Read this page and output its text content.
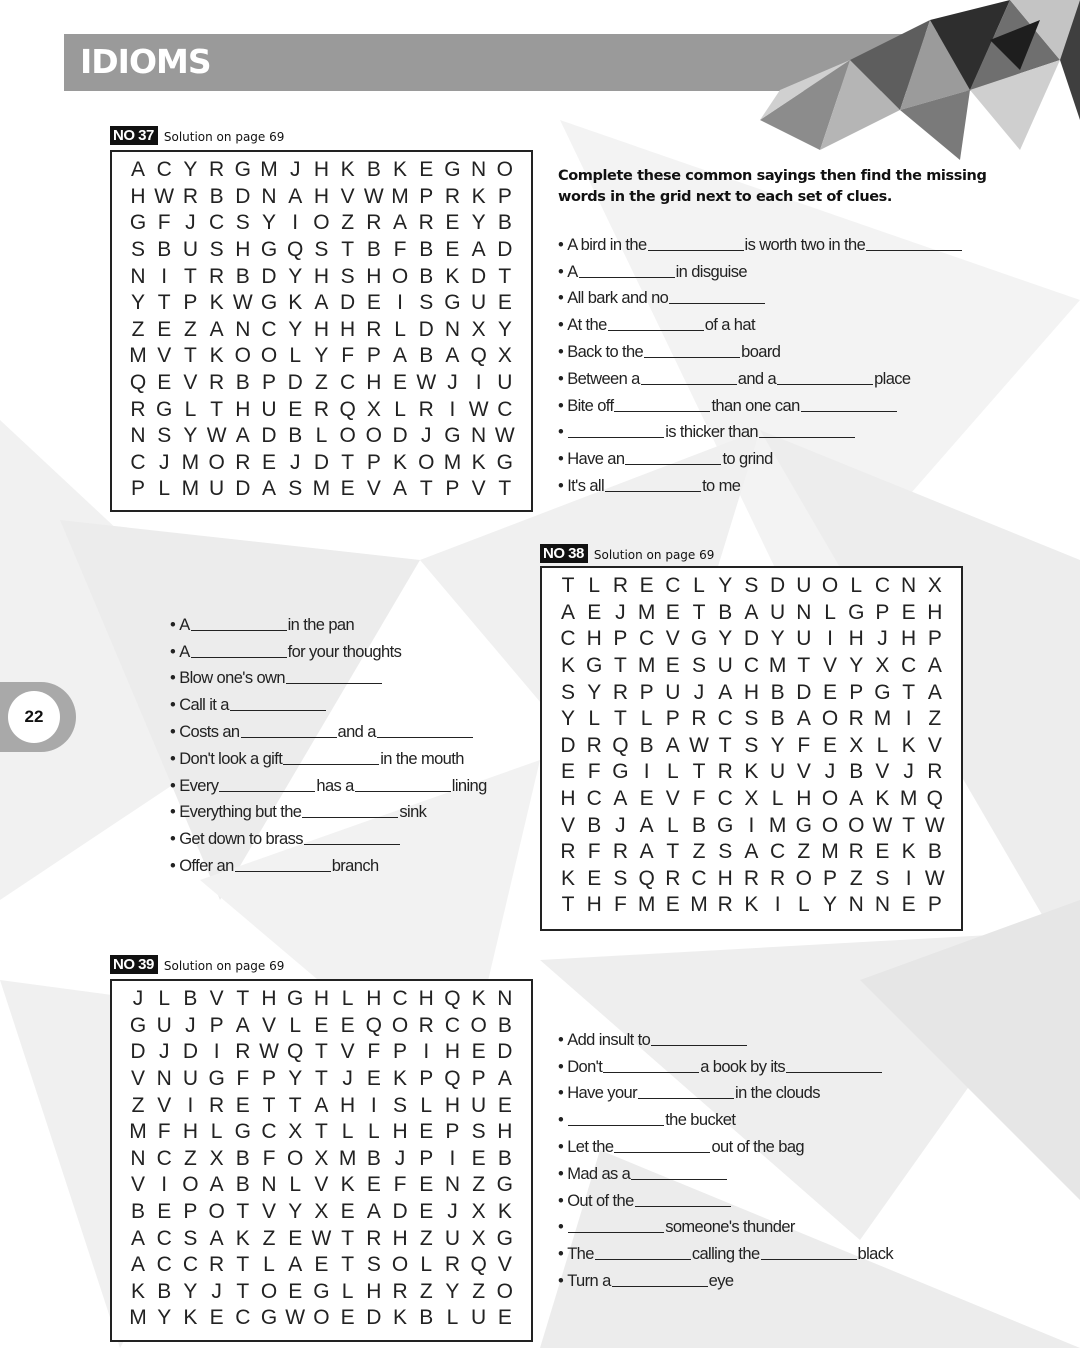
IDIOMS
NO 37 Solution on page 69
A C Y R G M J H K B K E G N O
H W R B D N A H V W M P R K P
G F J C S Y I O Z R A R E Y B
S B U S H G Q S T B F B E A D
N I T R B D Y H S H O B K D T
Y T P K W G K A D E I S G U E
Z E Z A N C Y H H R L D N X Y
M V T K O O L Y F P A B A Q X
Q E V R B P D Z C H E W J I U
R G L T H U E R Q X L R I W C
N S Y W A D B L O O D J G N W
C J M O R E J D T P K O M K G
P L M U D A S M E V A T P V T
Complete these common sayings then find the missing words in the grid next to each set of clues.
• A bird in the	is worth two in the
• A	in disguise
• All bark and no
• At the	of a hat
• Back to the	board
• Between a	and a	place
• Bite off	than one can
•	is thicker than
• Have an	to grind
• It's all	to me
NO 38 Solution on page 69
T L R E C L Y S D U O L C N X
A E J M E T B A U N L G P E H
C H P C V G Y D Y U I H J H P
K G T M E S U C M T V Y X C A
S Y R P U J A H B D E P G T A
Y L T L P R C S B A O R M I Z
D R Q B A W T S Y F E X L K V
E F G I L T R K U V J B V J R
H C A E V F C X L H O A K M Q
V B J A L B G I M G O O W T W
R F R A T Z S A C Z M R E K B
K E S Q R C H R R O P Z S I W
T H F M E M R K I L Y N N E P
• A	in the pan
• A	for your thoughts
• Blow one's own
• Call it a
• Costs an	and a
• Don't look a gift	in the mouth
• Every	has a	lining
• Everything but the	sink
• Get down to brass
• Offer an	branch
22
NO 39 Solution on page 69
J L B V T H G H L H C H Q K N
G U J P A V L E E Q O R C O B
D J D I R W Q T V F P I H E D
V N U G F P Y T J E K P Q P A
Z V I R E T T A H I S L H U E
M F H L G C X T L L H E P S H
N C Z X B F O X M B J P I E B
V I O A B N L V K E F E N Z G
B E P O T V Y X E A D E J X K
A C S A K Z E W T R H Z U X G
A C C R T L A E T S O L R Q V
K B Y J T O E G L H R Z Y Z O
M Y K E C G W O E D K B L U E
• Add insult to
• Don't	a book by its
• Have your	in the clouds
•	the bucket
• Let the	out of the bag
• Mad as a
• Out of the
•	someone's thunder
• The	calling the	black
• Turn a	eye
